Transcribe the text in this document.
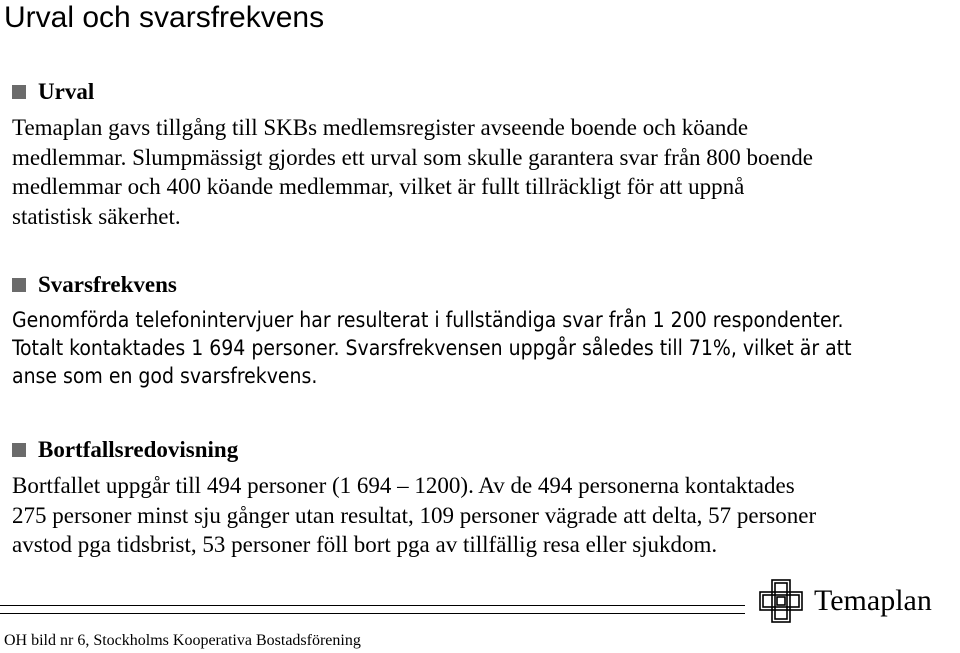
Urval och svarsfrekvens
Urval
Temaplan gavs tillgång till SKBs medlemsregister avseende boende och köande
medlemmar. Slumpmässigt gjordes ett urval som skulle garantera svar från 800 boende
medlemmar och 400 köande medlemmar, vilket är fullt tillräckligt för att uppnå
statistisk säkerhet.
Svarsfrekvens
Genomförda telefonintervjuer har resulterat i fullständiga svar från 1 200 respondenter.
Totalt kontaktades 1 694 personer. Svarsfrekvensen uppgår således till 71%, vilket är att
anse som en god svarsfrekvens.
Bortfallsredovisning
Bortfallet uppgår till 494 personer (1 694 – 1200). Av de 494 personerna kontaktades
275 personer minst sju gånger utan resultat, 109 personer vägrade att delta, 57 personer
avstod pga tidsbrist, 53 personer föll bort pga av tillfällig resa eller sjukdom.
Temaplan
OH bild nr 6, Stockholms Kooperativa Bostadsförening
